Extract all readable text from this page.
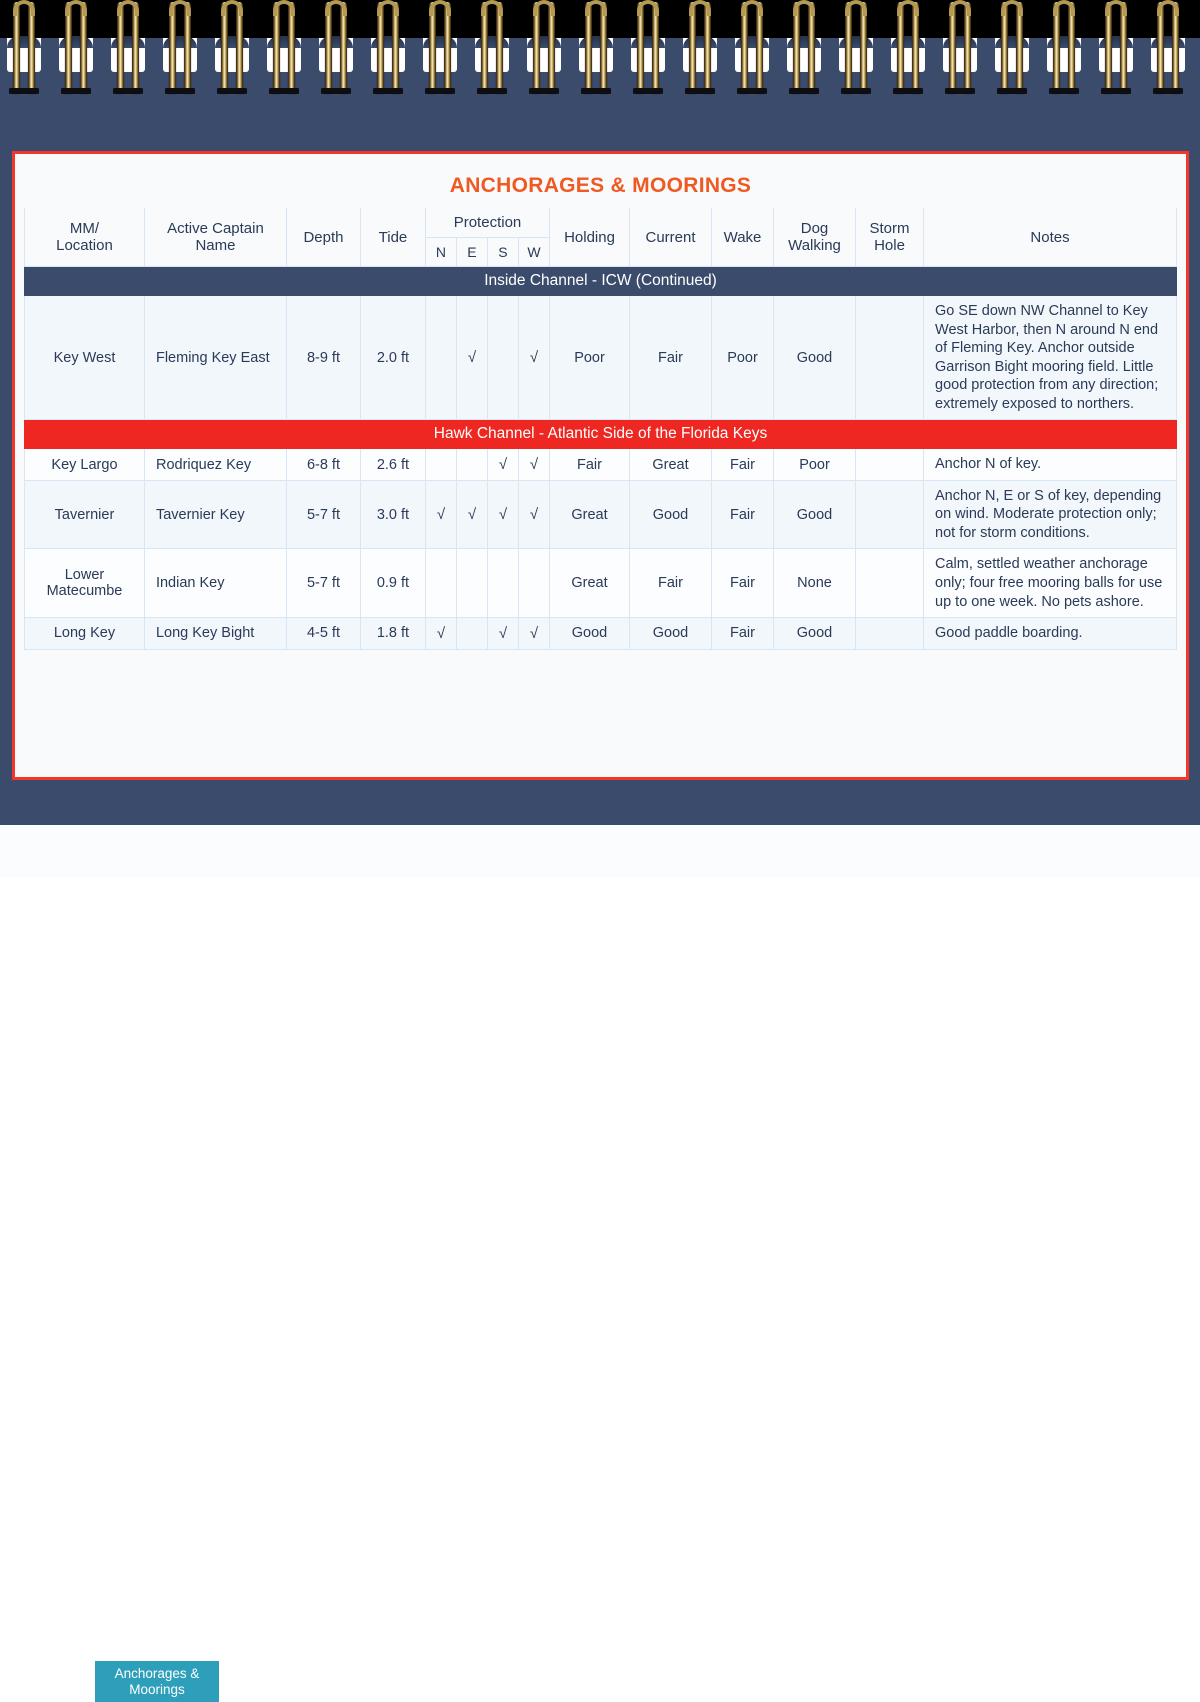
ANCHORAGES & MOORINGS
MM/
Location	Active Captain
Name	Depth	Tide	Protection				Holding	Current	Wake	Dog
Walking	Storm
Hole	Notes
				N	E	S	W						
Inside Channel - ICW (Continued)													
Key West	Fleming Key East	8-9 ft	2.0 ft		√		√	Poor	Fair	Poor	Good		Go SE down NW Channel to Key West Harbor, then N around N end of Fleming Key. Anchor outside Garrison Bight mooring field. Little good protection from any direction; extremely exposed to northers.
Hawk Channel - Atlantic Side of the Florida Keys													
Key Largo	Rodriquez Key	6-8 ft	2.6 ft			√	√	Fair	Great	Fair	Poor		Anchor N of key.
Tavernier	Tavernier Key	5-7 ft	3.0 ft	√	√	√	√	Great	Good	Fair	Good		Anchor N, E or S of key, depending on wind. Moderate protection only; not for storm conditions.
Lower Matecumbe	Indian Key	5-7 ft	0.9 ft					Great	Fair	Fair	None		Calm, settled weather anchorage only; four free mooring balls for use up to one week. No pets ashore.
Long Key	Long Key Bight	4-5 ft	1.8 ft	√		√	√	Good	Good	Fair	Good		Good paddle boarding.
Anchorages &
Moorings
